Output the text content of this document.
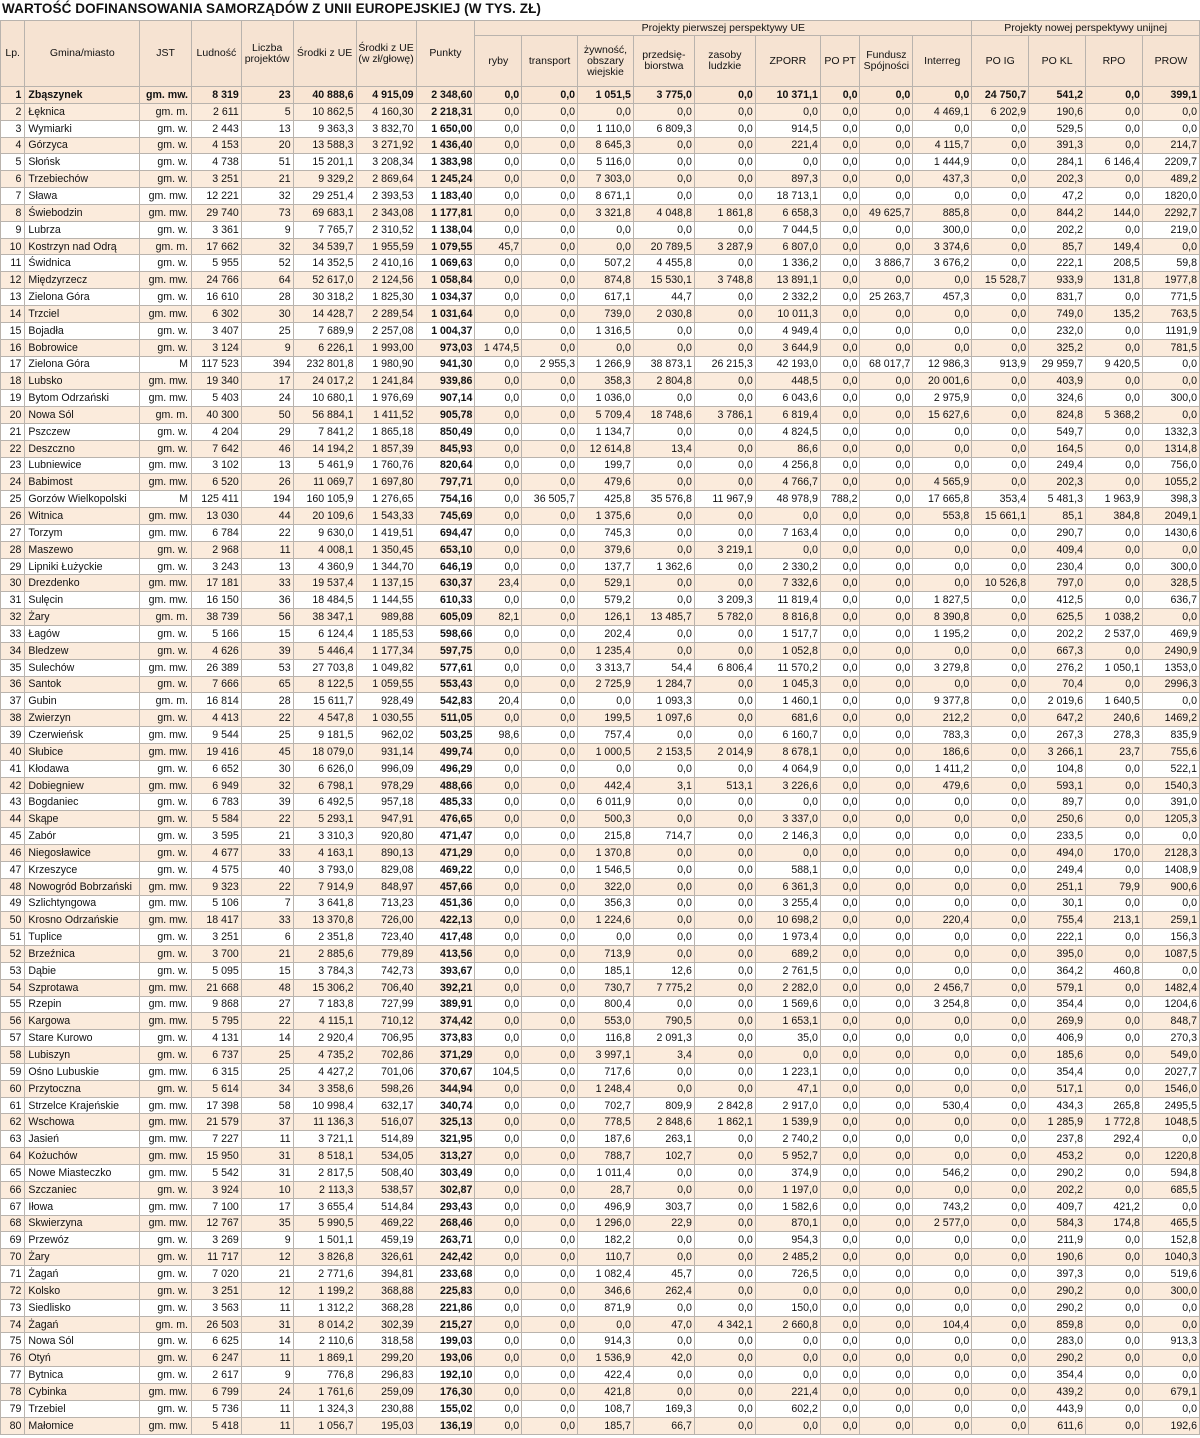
WARTOŚĆ DOFINANSOWANIA SAMORZĄDÓW Z UNII EUROPEJSKIEJ (W TYS. ZŁ)
Lp.	Gmina/miasto	JST	Ludność	Liczba projektów	Środki z UE	Środki z UE (w zł/głowę)	Punkty	Projekty pierwszej perspektywy UE									Projekty nowej perspektywy unijnej			
								ryby	transport	żywność, obszary wiejskie	przedsię- biorstwa	zasoby ludzkie	ZPORR	PO PT	Fundusz Spójności	Interreg	PO IG	PO KL	RPO	PROW
1	Zbąszynek	gm. mw.	8 319	23	40 888,6	4 915,09	2 348,60	0,0	0,0	1 051,5	3 775,0	0,0	10 371,1	0,0	0,0	0,0	24 750,7	541,2	0,0	399,1
2	Łęknica	gm. m.	2 611	5	10 862,5	4 160,30	2 218,31	0,0	0,0	0,0	0,0	0,0	0,0	0,0	0,0	4 469,1	6 202,9	190,6	0,0	0,0
3	Wymiarki	gm. w.	2 443	13	9 363,3	3 832,70	1 650,00	0,0	0,0	1 110,0	6 809,3	0,0	914,5	0,0	0,0	0,0	0,0	529,5	0,0	0,0
4	Górzyca	gm. w.	4 153	20	13 588,3	3 271,92	1 436,40	0,0	0,0	8 645,3	0,0	0,0	221,4	0,0	0,0	4 115,7	0,0	391,3	0,0	214,7
5	Słońsk	gm. w.	4 738	51	15 201,1	3 208,34	1 383,98	0,0	0,0	5 116,0	0,0	0,0	0,0	0,0	0,0	1 444,9	0,0	284,1	6 146,4	2209,7
6	Trzebiechów	gm. w.	3 251	21	9 329,2	2 869,64	1 245,24	0,0	0,0	7 303,0	0,0	0,0	897,3	0,0	0,0	437,3	0,0	202,3	0,0	489,2
7	Sława	gm. mw.	12 221	32	29 251,4	2 393,53	1 183,40	0,0	0,0	8 671,1	0,0	0,0	18 713,1	0,0	0,0	0,0	0,0	47,2	0,0	1820,0
8	Świebodzin	gm. mw.	29 740	73	69 683,1	2 343,08	1 177,81	0,0	0,0	3 321,8	4 048,8	1 861,8	6 658,3	0,0	49 625,7	885,8	0,0	844,2	144,0	2292,7
9	Lubrza	gm. w.	3 361	9	7 765,7	2 310,52	1 138,04	0,0	0,0	0,0	0,0	0,0	7 044,5	0,0	0,0	300,0	0,0	202,2	0,0	219,0
10	Kostrzyn nad Odrą	gm. m.	17 662	32	34 539,7	1 955,59	1 079,55	45,7	0,0	0,0	20 789,5	3 287,9	6 807,0	0,0	0,0	3 374,6	0,0	85,7	149,4	0,0
11	Świdnica	gm. w.	5 955	52	14 352,5	2 410,16	1 069,63	0,0	0,0	507,2	4 455,8	0,0	1 336,2	0,0	3 886,7	3 676,2	0,0	222,1	208,5	59,8
12	Międzyrzecz	gm. mw.	24 766	64	52 617,0	2 124,56	1 058,84	0,0	0,0	874,8	15 530,1	3 748,8	13 891,1	0,0	0,0	0,0	15 528,7	933,9	131,8	1977,8
13	Zielona Góra	gm. w.	16 610	28	30 318,2	1 825,30	1 034,37	0,0	0,0	617,1	44,7	0,0	2 332,2	0,0	25 263,7	457,3	0,0	831,7	0,0	771,5
14	Trzciel	gm. mw.	6 302	30	14 428,7	2 289,54	1 031,64	0,0	0,0	739,0	2 030,8	0,0	10 011,3	0,0	0,0	0,0	0,0	749,0	135,2	763,5
15	Bojadła	gm. w.	3 407	25	7 689,9	2 257,08	1 004,37	0,0	0,0	1 316,5	0,0	0,0	4 949,4	0,0	0,0	0,0	0,0	232,0	0,0	1191,9
16	Bobrowice	gm. w.	3 124	9	6 226,1	1 993,00	973,03	1 474,5	0,0	0,0	0,0	0,0	3 644,9	0,0	0,0	0,0	0,0	325,2	0,0	781,5
17	Zielona Góra	M	117 523	394	232 801,8	1 980,90	941,30	0,0	2 955,3	1 266,9	38 873,1	26 215,3	42 193,0	0,0	68 017,7	12 986,3	913,9	29 959,7	9 420,5	0,0
18	Lubsko	gm. mw.	19 340	17	24 017,2	1 241,84	939,86	0,0	0,0	358,3	2 804,8	0,0	448,5	0,0	0,0	20 001,6	0,0	403,9	0,0	0,0
19	Bytom Odrzański	gm. mw.	5 403	24	10 680,1	1 976,69	907,14	0,0	0,0	1 036,0	0,0	0,0	6 043,6	0,0	0,0	2 975,9	0,0	324,6	0,0	300,0
20	Nowa Sól	gm. m.	40 300	50	56 884,1	1 411,52	905,78	0,0	0,0	5 709,4	18 748,6	3 786,1	6 819,4	0,0	0,0	15 627,6	0,0	824,8	5 368,2	0,0
21	Pszczew	gm. w.	4 204	29	7 841,2	1 865,18	850,49	0,0	0,0	1 134,7	0,0	0,0	4 824,5	0,0	0,0	0,0	0,0	549,7	0,0	1332,3
22	Deszczno	gm. w.	7 642	46	14 194,2	1 857,39	845,93	0,0	0,0	12 614,8	13,4	0,0	86,6	0,0	0,0	0,0	0,0	164,5	0,0	1314,8
23	Lubniewice	gm. mw.	3 102	13	5 461,9	1 760,76	820,64	0,0	0,0	199,7	0,0	0,0	4 256,8	0,0	0,0	0,0	0,0	249,4	0,0	756,0
24	Babimost	gm. mw.	6 520	26	11 069,7	1 697,80	797,71	0,0	0,0	479,6	0,0	0,0	4 766,7	0,0	0,0	4 565,9	0,0	202,3	0,0	1055,2
25	Gorzów Wielkopolski	M	125 411	194	160 105,9	1 276,65	754,16	0,0	36 505,7	425,8	35 576,8	11 967,9	48 978,9	788,2	0,0	17 665,8	353,4	5 481,3	1 963,9	398,3
26	Witnica	gm. mw.	13 030	44	20 109,6	1 543,33	745,69	0,0	0,0	1 375,6	0,0	0,0	0,0	0,0	0,0	553,8	15 661,1	85,1	384,8	2049,1
27	Torzym	gm. mw.	6 784	22	9 630,0	1 419,51	694,47	0,0	0,0	745,3	0,0	0,0	7 163,4	0,0	0,0	0,0	0,0	290,7	0,0	1430,6
28	Maszewo	gm. w.	2 968	11	4 008,1	1 350,45	653,10	0,0	0,0	379,6	0,0	3 219,1	0,0	0,0	0,0	0,0	0,0	409,4	0,0	0,0
29	Lipniki Łużyckie	gm. w.	3 243	13	4 360,9	1 344,70	646,19	0,0	0,0	137,7	1 362,6	0,0	2 330,2	0,0	0,0	0,0	0,0	230,4	0,0	300,0
30	Drezdenko	gm. mw.	17 181	33	19 537,4	1 137,15	630,37	23,4	0,0	529,1	0,0	0,0	7 332,6	0,0	0,0	0,0	10 526,8	797,0	0,0	328,5
31	Sulęcin	gm. mw.	16 150	36	18 484,5	1 144,55	610,33	0,0	0,0	579,2	0,0	3 209,3	11 819,4	0,0	0,0	1 827,5	0,0	412,5	0,0	636,7
32	Żary	gm. m.	38 739	56	38 347,1	989,88	605,09	82,1	0,0	126,1	13 485,7	5 782,0	8 816,8	0,0	0,0	8 390,8	0,0	625,5	1 038,2	0,0
33	Łagów	gm. w.	5 166	15	6 124,4	1 185,53	598,66	0,0	0,0	202,4	0,0	0,0	1 517,7	0,0	0,0	1 195,2	0,0	202,2	2 537,0	469,9
34	Bledzew	gm. w.	4 626	39	5 446,4	1 177,34	597,75	0,0	0,0	1 235,4	0,0	0,0	1 052,8	0,0	0,0	0,0	0,0	667,3	0,0	2490,9
35	Sulechów	gm. mw.	26 389	53	27 703,8	1 049,82	577,61	0,0	0,0	3 313,7	54,4	6 806,4	11 570,2	0,0	0,0	3 279,8	0,0	276,2	1 050,1	1353,0
36	Santok	gm. w.	7 666	65	8 122,5	1 059,55	553,43	0,0	0,0	2 725,9	1 284,7	0,0	1 045,3	0,0	0,0	0,0	0,0	70,4	0,0	2996,3
37	Gubin	gm. m.	16 814	28	15 611,7	928,49	542,83	20,4	0,0	0,0	1 093,3	0,0	1 460,1	0,0	0,0	9 377,8	0,0	2 019,6	1 640,5	0,0
38	Zwierzyn	gm. w.	4 413	22	4 547,8	1 030,55	511,05	0,0	0,0	199,5	1 097,6	0,0	681,6	0,0	0,0	212,2	0,0	647,2	240,6	1469,2
39	Czerwieńsk	gm. mw.	9 544	25	9 181,5	962,02	503,25	98,6	0,0	757,4	0,0	0,0	6 160,7	0,0	0,0	783,3	0,0	267,3	278,3	835,9
40	Słubice	gm. mw.	19 416	45	18 079,0	931,14	499,74	0,0	0,0	1 000,5	2 153,5	2 014,9	8 678,1	0,0	0,0	186,6	0,0	3 266,1	23,7	755,6
41	Kłodawa	gm. w.	6 652	30	6 626,0	996,09	496,29	0,0	0,0	0,0	0,0	0,0	4 064,9	0,0	0,0	1 411,2	0,0	104,8	0,0	522,1
42	Dobiegniew	gm. mw.	6 949	32	6 798,1	978,29	488,66	0,0	0,0	442,4	3,1	513,1	3 226,6	0,0	0,0	479,6	0,0	593,1	0,0	1540,3
43	Bogdaniec	gm. w.	6 783	39	6 492,5	957,18	485,33	0,0	0,0	6 011,9	0,0	0,0	0,0	0,0	0,0	0,0	0,0	89,7	0,0	391,0
44	Skąpe	gm. w.	5 584	22	5 293,1	947,91	476,65	0,0	0,0	500,3	0,0	0,0	3 337,0	0,0	0,0	0,0	0,0	250,6	0,0	1205,3
45	Zabór	gm. w.	3 595	21	3 310,3	920,80	471,47	0,0	0,0	215,8	714,7	0,0	2 146,3	0,0	0,0	0,0	0,0	233,5	0,0	0,0
46	Niegosławice	gm. w.	4 677	33	4 163,1	890,13	471,29	0,0	0,0	1 370,8	0,0	0,0	0,0	0,0	0,0	0,0	0,0	494,0	170,0	2128,3
47	Krzeszyce	gm. w.	4 575	40	3 793,0	829,08	469,22	0,0	0,0	1 546,5	0,0	0,0	588,1	0,0	0,0	0,0	0,0	249,4	0,0	1408,9
48	Nowogród Bobrzański	gm. mw.	9 323	22	7 914,9	848,97	457,66	0,0	0,0	322,0	0,0	0,0	6 361,3	0,0	0,0	0,0	0,0	251,1	79,9	900,6
49	Szlichtyngowa	gm. mw.	5 106	7	3 641,8	713,23	451,36	0,0	0,0	356,3	0,0	0,0	3 255,4	0,0	0,0	0,0	0,0	30,1	0,0	0,0
50	Krosno Odrzańskie	gm. mw.	18 417	33	13 370,8	726,00	422,13	0,0	0,0	1 224,6	0,0	0,0	10 698,2	0,0	0,0	220,4	0,0	755,4	213,1	259,1
51	Tuplice	gm. w.	3 251	6	2 351,8	723,40	417,48	0,0	0,0	0,0	0,0	0,0	1 973,4	0,0	0,0	0,0	0,0	222,1	0,0	156,3
52	Brzeźnica	gm. w.	3 700	21	2 885,6	779,89	413,56	0,0	0,0	713,9	0,0	0,0	689,2	0,0	0,0	0,0	0,0	395,0	0,0	1087,5
53	Dąbie	gm. w.	5 095	15	3 784,3	742,73	393,67	0,0	0,0	185,1	12,6	0,0	2 761,5	0,0	0,0	0,0	0,0	364,2	460,8	0,0
54	Szprotawa	gm. mw.	21 668	48	15 306,2	706,40	392,21	0,0	0,0	730,7	7 775,2	0,0	2 282,0	0,0	0,0	2 456,7	0,0	579,1	0,0	1482,4
55	Rzepin	gm. mw.	9 868	27	7 183,8	727,99	389,91	0,0	0,0	800,4	0,0	0,0	1 569,6	0,0	0,0	3 254,8	0,0	354,4	0,0	1204,6
56	Kargowa	gm. mw.	5 795	22	4 115,1	710,12	374,42	0,0	0,0	553,0	790,5	0,0	1 653,1	0,0	0,0	0,0	0,0	269,9	0,0	848,7
57	Stare Kurowo	gm. w.	4 131	14	2 920,4	706,95	373,83	0,0	0,0	116,8	2 091,3	0,0	35,0	0,0	0,0	0,0	0,0	406,9	0,0	270,3
58	Lubiszyn	gm. w.	6 737	25	4 735,2	702,86	371,29	0,0	0,0	3 997,1	3,4	0,0	0,0	0,0	0,0	0,0	0,0	185,6	0,0	549,0
59	Ośno Lubuskie	gm. mw.	6 315	25	4 427,2	701,06	370,67	104,5	0,0	717,6	0,0	0,0	1 223,1	0,0	0,0	0,0	0,0	354,4	0,0	2027,7
60	Przytoczna	gm. w.	5 614	34	3 358,6	598,26	344,94	0,0	0,0	1 248,4	0,0	0,0	47,1	0,0	0,0	0,0	0,0	517,1	0,0	1546,0
61	Strzelce Krajeńskie	gm. mw.	17 398	58	10 998,4	632,17	340,74	0,0	0,0	702,7	809,9	2 842,8	2 917,0	0,0	0,0	530,4	0,0	434,3	265,8	2495,5
62	Wschowa	gm. mw.	21 579	37	11 136,3	516,07	325,13	0,0	0,0	778,5	2 848,6	1 862,1	1 539,9	0,0	0,0	0,0	0,0	1 285,9	1 772,8	1048,5
63	Jasień	gm. mw.	7 227	11	3 721,1	514,89	321,95	0,0	0,0	187,6	263,1	0,0	2 740,2	0,0	0,0	0,0	0,0	237,8	292,4	0,0
64	Kożuchów	gm. mw.	15 950	31	8 518,1	534,05	313,27	0,0	0,0	788,7	102,7	0,0	5 952,7	0,0	0,0	0,0	0,0	453,2	0,0	1220,8
65	Nowe Miasteczko	gm. mw.	5 542	31	2 817,5	508,40	303,49	0,0	0,0	1 011,4	0,0	0,0	374,9	0,0	0,0	546,2	0,0	290,2	0,0	594,8
66	Szczaniec	gm. w.	3 924	10	2 113,3	538,57	302,87	0,0	0,0	28,7	0,0	0,0	1 197,0	0,0	0,0	0,0	0,0	202,2	0,0	685,5
67	Iłowa	gm. mw.	7 100	17	3 655,4	514,84	293,43	0,0	0,0	496,9	303,7	0,0	1 582,6	0,0	0,0	743,2	0,0	409,7	421,2	0,0
68	Skwierzyna	gm. mw.	12 767	35	5 990,5	469,22	268,46	0,0	0,0	1 296,0	22,9	0,0	870,1	0,0	0,0	2 577,0	0,0	584,3	174,8	465,5
69	Przewóz	gm. w.	3 269	9	1 501,1	459,19	263,71	0,0	0,0	182,2	0,0	0,0	954,3	0,0	0,0	0,0	0,0	211,9	0,0	152,8
70	Żary	gm. w.	11 717	12	3 826,8	326,61	242,42	0,0	0,0	110,7	0,0	0,0	2 485,2	0,0	0,0	0,0	0,0	190,6	0,0	1040,3
71	Żagań	gm. w.	7 020	21	2 771,6	394,81	233,68	0,0	0,0	1 082,4	45,7	0,0	726,5	0,0	0,0	0,0	0,0	397,3	0,0	519,6
72	Kolsko	gm. w.	3 251	12	1 199,2	368,88	225,83	0,0	0,0	346,6	262,4	0,0	0,0	0,0	0,0	0,0	0,0	290,2	0,0	300,0
73	Siedlisko	gm. w.	3 563	11	1 312,2	368,28	221,86	0,0	0,0	871,9	0,0	0,0	150,0	0,0	0,0	0,0	0,0	290,2	0,0	0,0
74	Żagań	gm. m.	26 503	31	8 014,2	302,39	215,27	0,0	0,0	0,0	47,0	4 342,1	2 660,8	0,0	0,0	104,4	0,0	859,8	0,0	0,0
75	Nowa Sól	gm. w.	6 625	14	2 110,6	318,58	199,03	0,0	0,0	914,3	0,0	0,0	0,0	0,0	0,0	0,0	0,0	283,0	0,0	913,3
76	Otyń	gm. w.	6 247	11	1 869,1	299,20	193,06	0,0	0,0	1 536,9	42,0	0,0	0,0	0,0	0,0	0,0	0,0	290,2	0,0	0,0
77	Bytnica	gm. w.	2 617	9	776,8	296,83	192,10	0,0	0,0	422,4	0,0	0,0	0,0	0,0	0,0	0,0	0,0	354,4	0,0	0,0
78	Cybinka	gm. mw.	6 799	24	1 761,6	259,09	176,30	0,0	0,0	421,8	0,0	0,0	221,4	0,0	0,0	0,0	0,0	439,2	0,0	679,1
79	Trzebiel	gm. w.	5 736	11	1 324,3	230,88	155,02	0,0	0,0	108,7	169,3	0,0	602,2	0,0	0,0	0,0	0,0	443,9	0,0	0,0
80	Małomice	gm. mw.	5 418	11	1 056,7	195,03	136,19	0,0	0,0	185,7	66,7	0,0	0,0	0,0	0,0	0,0	0,0	611,6	0,0	192,6
